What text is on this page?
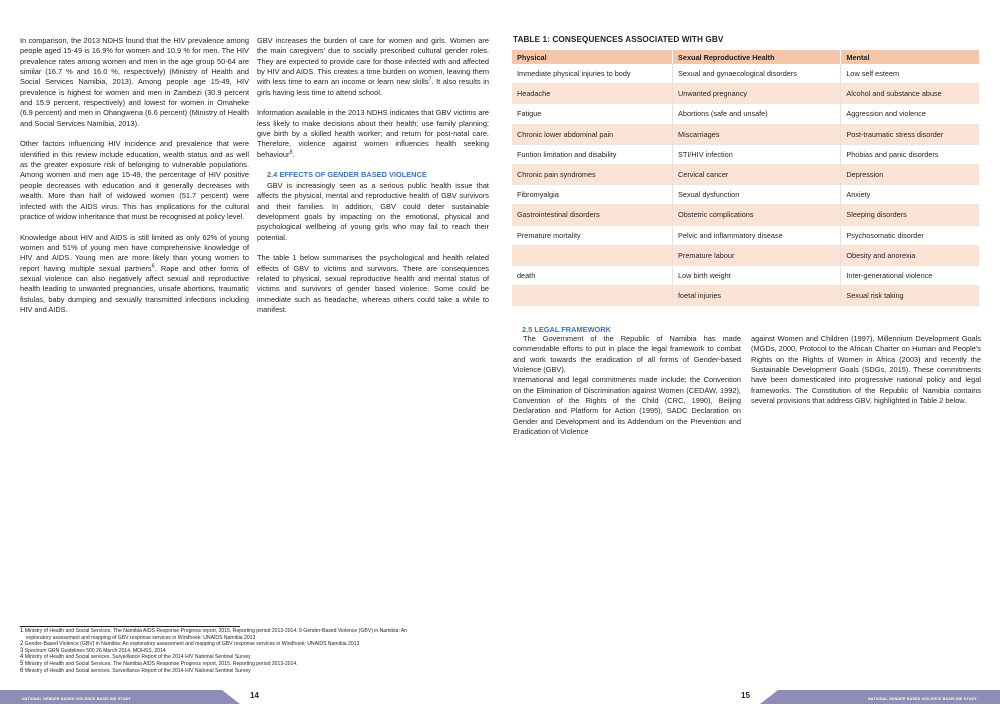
In comparison, the 2013 NDHS found that the HIV prevalence among people aged 15-49 is 16.9% for women and 10.9 % for men. The HIV prevalence rates among women and men in the age group 50-64 are similar (16.7 % and 16.0 %, respectively) (Ministry of Health and Social Services Namibia, 2013). Among people age 15-49, HIV prevalence is highest for women and men in Zambezi (30.9 percent and 15.9 percent, respectively) and lowest for women in Omaheke (6.9 percent) and men in Ohangwena (6.6 percent) (Ministry of Health and Social Services Namibia, 2013).

Other factors influencing HIV incidence and prevalence that were identified in this review include education, wealth status and as well as the greater exposure risk of belonging to vulnerable populations. Among women and men age 15-49, the percentage of HIV positive people decreases with education and it generally decreases with wealth. More than half of widowed women (51.7 percent) were infected with the AIDS virus. This has implications for the cultural practice of widow inheritance that must be recognised at policy level.

Knowledge about HIV and AIDS is still limited as only 62% of young women and 51% of young men have comprehensive knowledge of HIV and AIDS. Young men are more likely than young women to report having multiple sexual partners$^6$. Rape and other forms of sexual violence can also negatively affect sexual and reproductive health leading to unwanted pregnancies, unsafe abortions, traumatic fistulas, baby dumping and sexually transmitted infections including HIV and AIDS.

GBV increases the burden of care for women and girls. Women are the main caregivers' due to socially prescribed cultural gender roles. They are expected to provide care for those infected with and affected by HIV and AIDS. This creates a time burden on women, leaving them with less time to earn an income or learn new skills$^7$. It also results in girls having less time to attend school.

Information available in the 2013 NDHS indicates that GBV victims are less likely to make decisions about their health; use family planning; give birth by a skilled health worker; and return for post-natal care. Therefore, violence against women influences health seeking behaviour$^8$.

2.4 EFFECTS OF GENDER BASED VIOLENCE

GBV is increasingly seen as a serious public health issue that affects the physical, mental and reproductive health of GBV survivors and their families. In addition, GBV could deter sustainable development goals by impacting on the emotional, physical and psychological wellbeing of young girls who may fail to reach their potential.

The table 1 below summarises the psychological and health related effects of GBV to victims and survivors. There are consequences related to physical, sexual reproductive health and mental status of victims and survivors of gender based violence. Some could be immediate such as headache, whereas others could take a while to manifest.

1 Ministry of Health and Social Services. The Namibia AIDS Response Progress report, 2015. Reporting period 2013-2014. 9 Gender-Based Violence (GBV) in Namibia: An
exploratory assessment and mapping of GBV response services in Windhoek: UNAIDS Namibia 2013
2 Gender-Based Violence (GBV) in Namibia: An exploratory assessment and mapping of GBV response services in Windhoek: UNAIDS Namibia 2013
3 Spectrum GRN Guidelines 500 26 March 2014, MOHSS, 2014
4 Ministry of Health and Social services. Surveillance Report of the 2014 HIV National Sentinel Survey
5 Ministry of Health and Social Services. The Namibia AIDS Response Progress report, 2015. Reporting period 2013-2014.
6 Ministry of Health and Social services. Surveillance Report of the 2014 HIV National Sentinel Survey
NATIONAL GENDER BASED VIOLENCE BASELINE STUDY	14
TABLE 1: CONSEQUENCES ASSOCIATED WITH GBV
Physical	Sexual Reproductive Health	Mental
Immediate physical injuries to body	Sexual and gynaecological disorders	Low self esteem
Headache	Unwanted pregnancy	Alcohol and substance abuse
Fatigue	Abortions (safe and unsafe)	Aggression and violence
Chronic lower abdominal pain	Miscarriages	Post-traumatic stress disorder
Funtion limitation and disability	STI/HIV infection	Phobias and panic disorders
Chronic pain syndromes	Cervical cancer	Depression
Fibromyalgia	Sexual dysfunction	Anxiety
Gastrointestinal disorders	Obstetric complications	Sleeping disorders
Premature mortality	Pelvic and inflammatory disease	Psychosomatic disorder
	Premature labour	Obesity and anorexia
death	Low birth weight	Inter-generational violence
	foetal injuries	Sexual risk taking
2.5 LEGAL FRAMEWORK

The Government of the Republic of Namibia has made commendable efforts to put in place the legal framework to combat and work towards the eradication of all forms of Gender-based Violence (GBV).

International and legal commitments made include; the Convention on the Elimination of Discrimination against Women (CEDAW, 1992), Convention of the Rights of the Child (CRC, 1990), Beijing Declaration and Platform for Action (1995), SADC Declaration on Gender and Development and its Addendum on the Prevention and Eradication of Violence

against Women and Children (1997), Millennium Development Goals (MGDs, 2000, Protocol to the African Charter on Human and People's Rights on the Rights of Women in Africa (2003) and recently the Sustainable Development Goals (SDGs, 2015). These commitments have been domesticated into progressive national policy and legal frameworks. The Constitution of the Republic of Namibia contains several provisions that address GBV, highlighted in Table 2 below.

15	NATIONAL GENDER BASED VIOLENCE BASELINE STUDY
